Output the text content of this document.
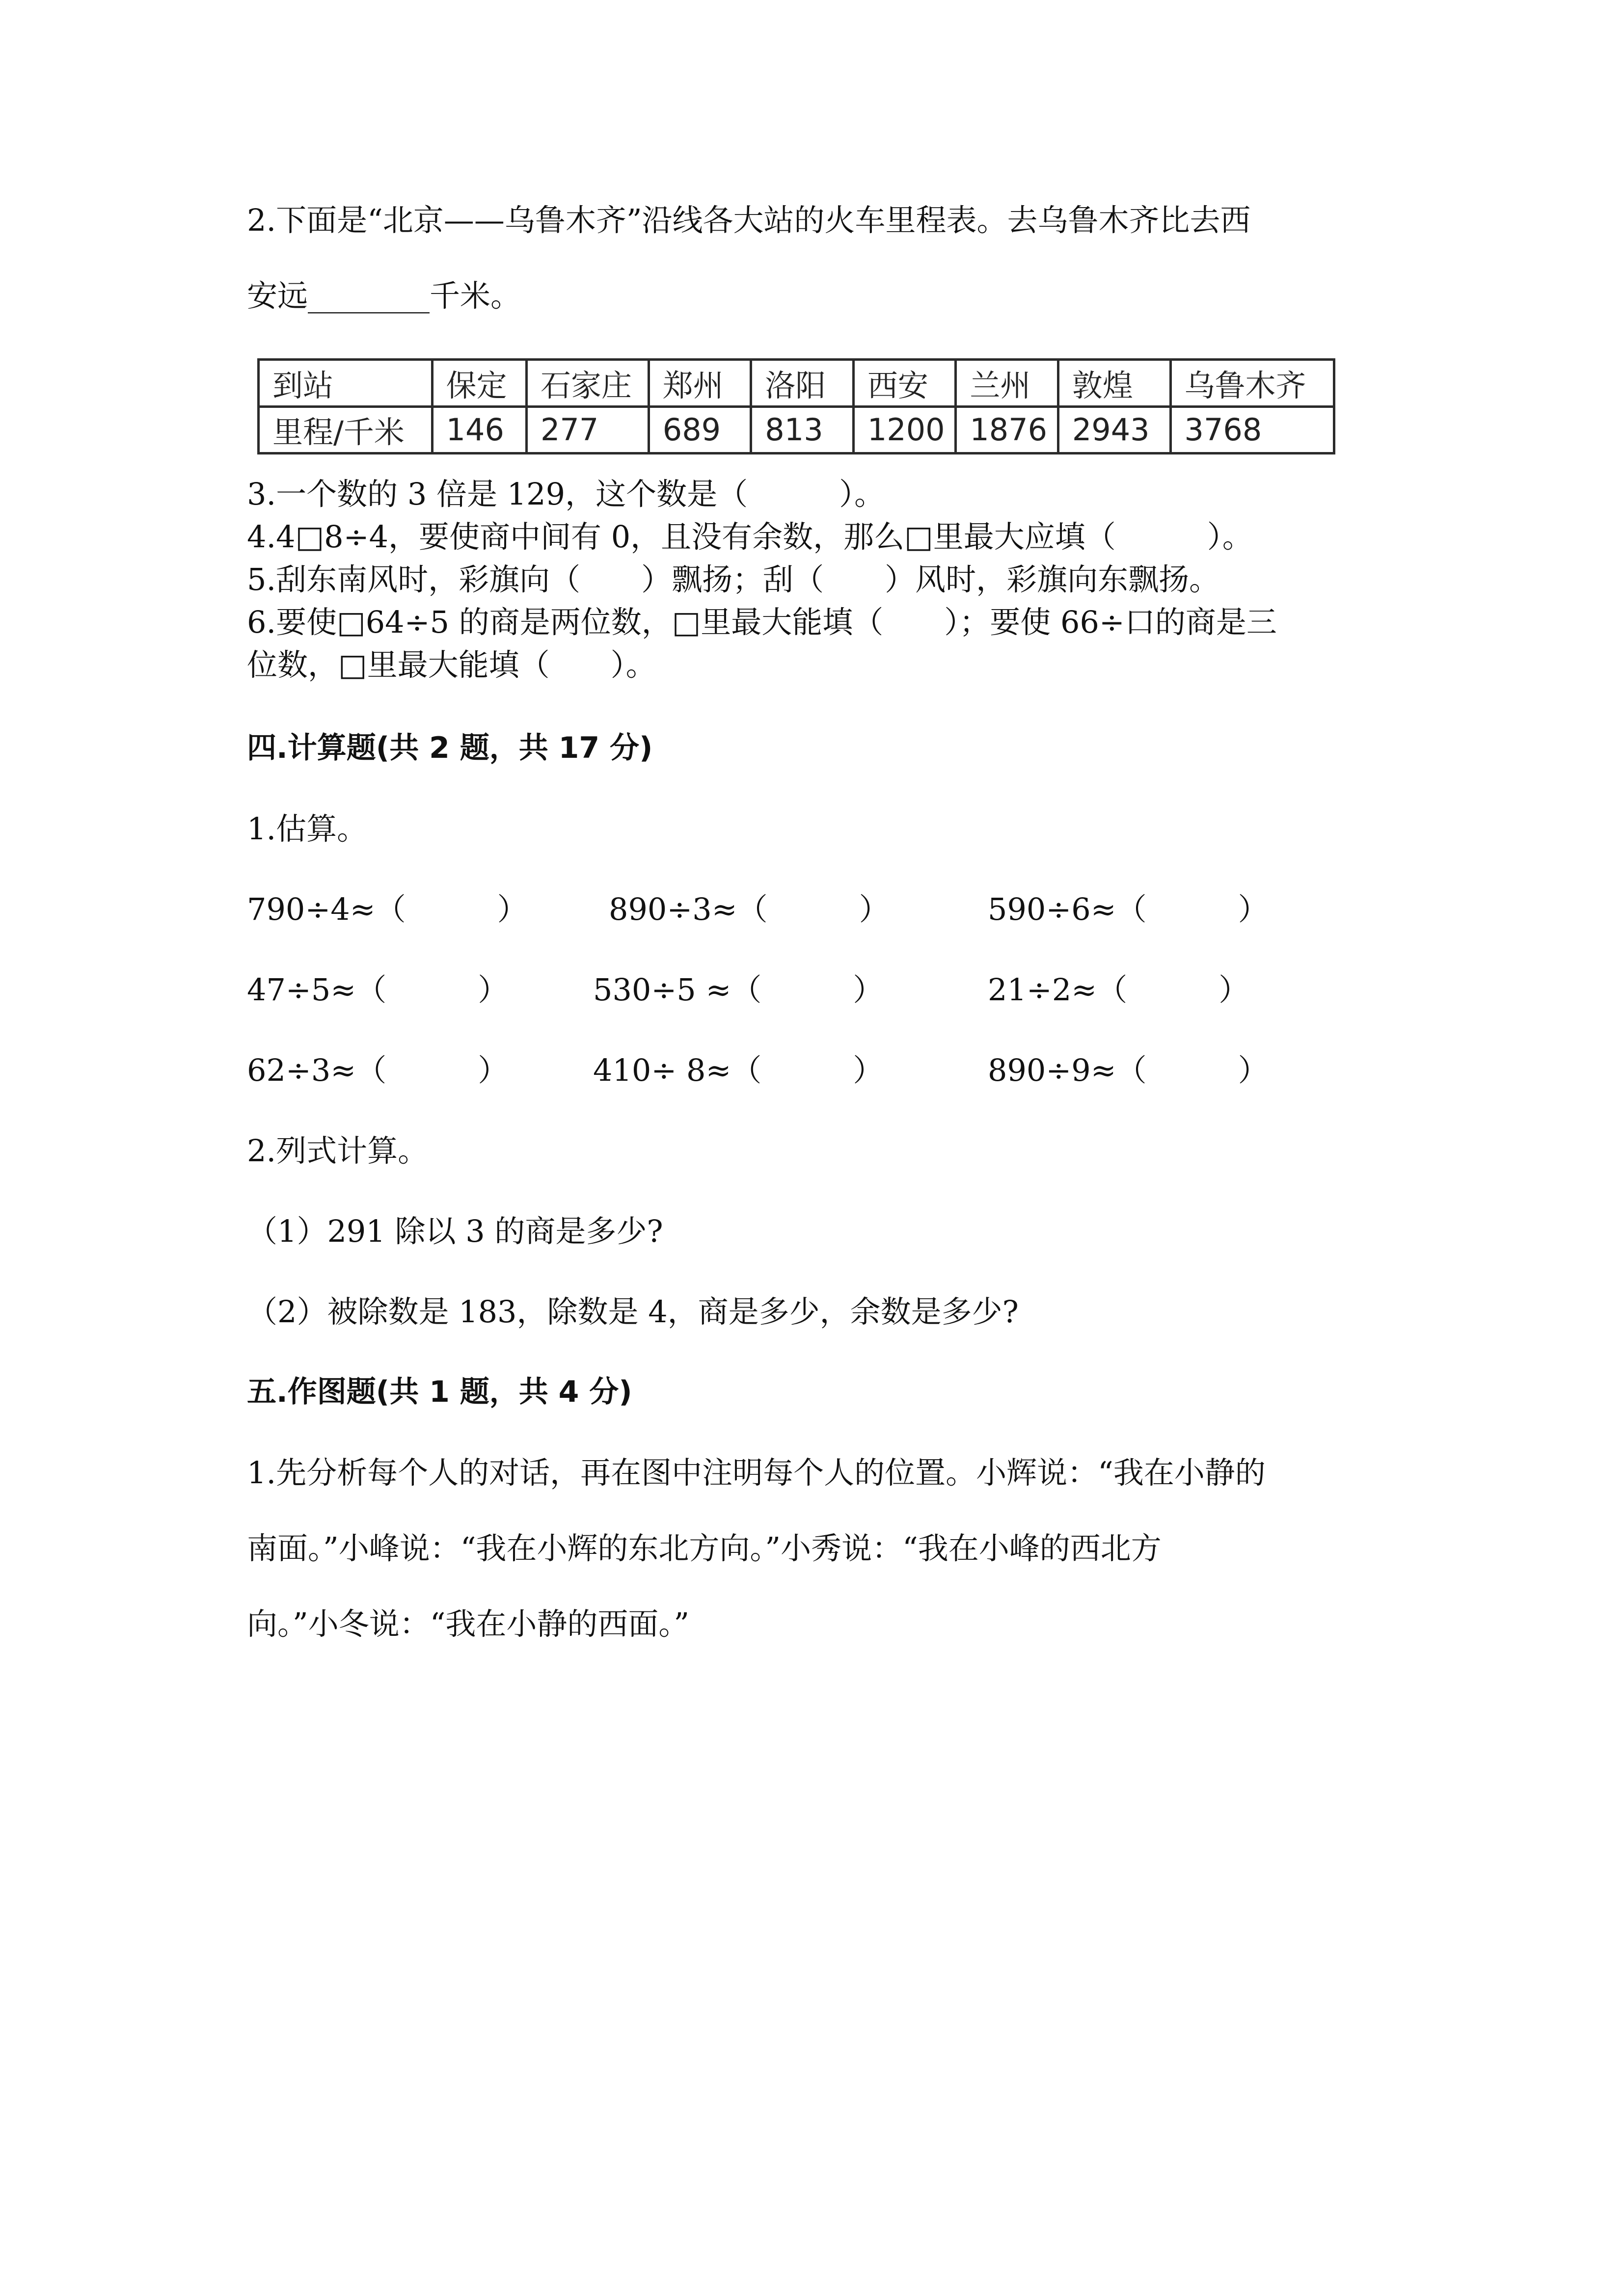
2.下面是“北京——乌鲁木齐”沿线各大站的火车里程表。去乌鲁木齐比去西
安远________千米。
到站	保定	石家庄	郑州	洛阳	西安	兰州	敦煌	乌鲁木齐
里程/千米	146	277	689	813	1200	1876	2943	3768
3.一个数的 3 倍是 129，这个数是（　　　）。
4.4□8÷4，要使商中间有 0，且没有余数，那么□里最大应填（　　　）。
5.刮东南风时，彩旗向（　　）飘扬；刮（　　）风时，彩旗向东飘扬。
6.要使□64÷5 的商是两位数，□里最大能填（　　）；要使 66÷口的商是三
位数，□里最大能填（　　）。
四.计算题(共 2 题，共 17 分)
1.估算。
790÷4≈（　　　）	890÷3≈（　　　）	590÷6≈（　　　）
47÷5≈（　　　）	530÷5 ≈（　　　）	21÷2≈（　　　）
62÷3≈（　　　）	410÷ 8≈（　　　）	890÷9≈（　　　）
2.列式计算。
（1）291 除以 3 的商是多少?
（2）被除数是 183，除数是 4，商是多少，余数是多少?
五.作图题(共 1 题，共 4 分)
1.先分析每个人的对话，再在图中注明每个人的位置。小辉说：“我在小静的
南面。”小峰说：“我在小辉的东北方向。”小秀说：“我在小峰的西北方
向。”小冬说：“我在小静的西面。”
